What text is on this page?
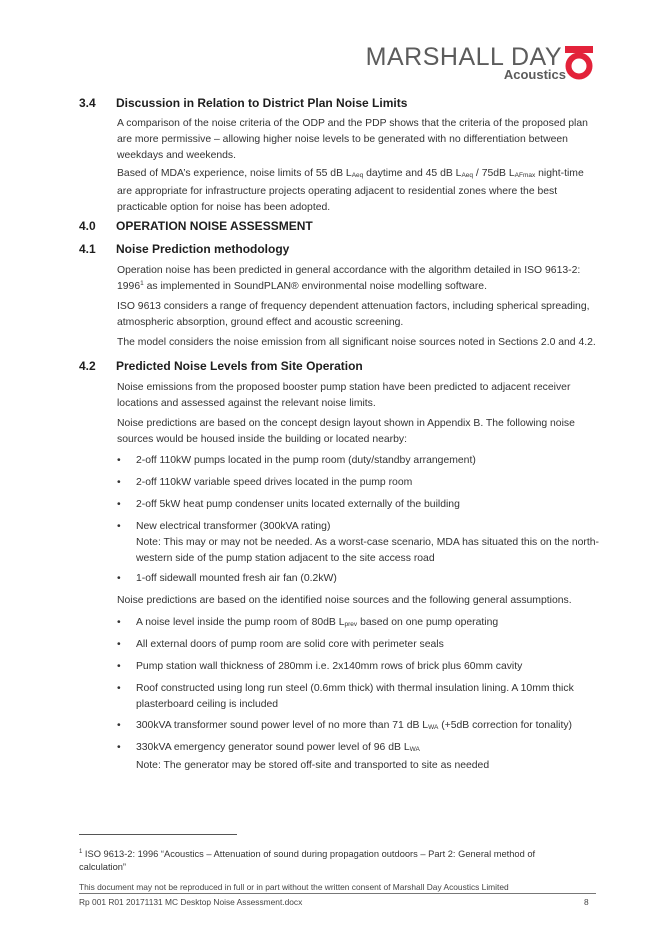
MARSHALL DAY
Acoustics
3.4 Discussion in Relation to District Plan Noise Limits
A comparison of the noise criteria of the ODP and the PDP shows that the criteria of the proposed plan are more permissive – allowing higher noise levels to be generated with no differentiation between weekdays and weekends.
Based of MDA’s experience, noise limits of 55 dB $L_{Aeq}$ daytime and 45 dB $L_{Aeq} / 75dB$ $L_{AFmax}$ night-time are appropriate for infrastructure projects operating adjacent to residential zones where the best practicable option for noise has been adopted.
4.0 OPERATION NOISE ASSESSMENT
4.1 Noise Prediction methodology
Operation noise has been predicted in general accordance with the algorithm detailed in ISO 9613-2: 1996$^1$ as implemented in SoundPLAN® environmental noise modelling software.
ISO 9613 considers a range of frequency dependent attenuation factors, including spherical spreading, atmospheric absorption, ground effect and acoustic screening.
The model considers the noise emission from all significant noise sources noted in Sections 2.0 and 4.2.
4.2 Predicted Noise Levels from Site Operation
Noise emissions from the proposed booster pump station have been predicted to adjacent receiver locations and assessed against the relevant noise limits.
Noise predictions are based on the concept design layout shown in Appendix B. The following noise sources would be housed inside the building or located nearby:
• 2-off 110kW pumps located in the pump room (duty/standby arrangement)
• 2-off 110kW variable speed drives located in the pump room
• 2-off 5kW heat pump condenser units located externally of the building
• New electrical transformer (300kVA rating)
Note: This may or may not be needed. As a worst-case scenario, MDA has situated this on the north-western side of the pump station adjacent to the site access road
• 1-off sidewall mounted fresh air fan (0.2kW)
Noise predictions are based on the identified noise sources and the following general assumptions.
• A noise level inside the pump room of 80dB $L_{prev}$ based on one pump operating
• All external doors of pump room are solid core with perimeter seals
• Pump station wall thickness of 280mm i.e. 2x140mm rows of brick plus 60mm cavity
• Roof constructed using long run steel (0.6mm thick) with thermal insulation lining. A 10mm thick plasterboard ceiling is included
• 300kVA transformer sound power level of no more than 71 dB $L_{WA}$ (+5dB correction for tonality)
• 330kVA emergency generator sound power level of 96 dB $L_{WA}$
Note: The generator may be stored off-site and transported to site as needed
$^1$ ISO 9613-2: 1996 “Acoustics – Attenuation of sound during propagation outdoors – Part 2: General method of calculation”
This document may not be reproduced in full or in part without the written consent of Marshall Day Acoustics Limited
Rp 001 R01 20171131 MC Desktop Noise Assessment.docx	8
